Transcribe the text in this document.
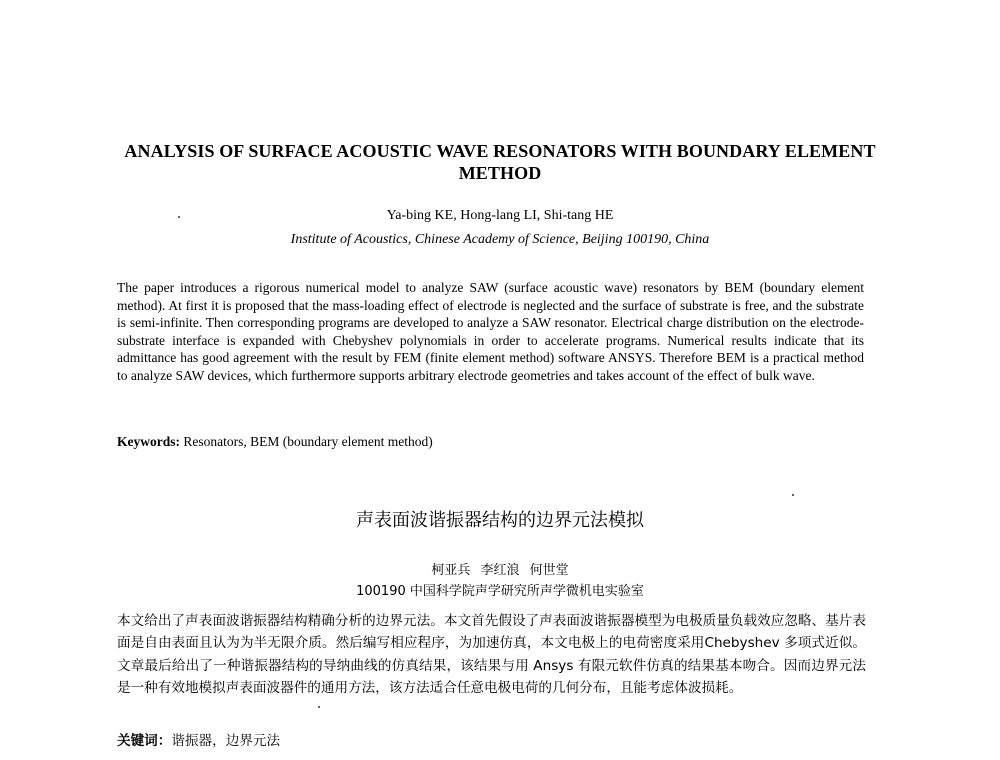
ANALYSIS OF SURFACE ACOUSTIC WAVE RESONATORS WITH BOUNDARY ELEMENT METHOD
Ya-bing KE, Hong-lang LI, Shi-tang HE
Institute of Acoustics, Chinese Academy of Science, Beijing 100190, China
The paper introduces a rigorous numerical model to analyze SAW (surface acoustic wave) resonators by BEM (boundary element method). At first it is proposed that the mass-loading effect of electrode is neglected and the surface of substrate is free, and the substrate is semi-infinite. Then corresponding programs are developed to analyze a SAW resonator. Electrical charge distribution on the electrode-substrate interface is expanded with Chebyshev polynomials in order to accelerate programs. Numerical results indicate that its admittance has good agreement with the result by FEM (finite element method) software ANSYS. Therefore BEM is a practical method to analyze SAW devices, which furthermore supports arbitrary electrode geometries and takes account of the effect of bulk wave.
Keywords: Resonators, BEM (boundary element method)
声表面波谐振器结构的边界元法模拟
柯亚兵 李红浪 何世堂
100190 中国科学院声学研究所声学微机电实验室
本文给出了声表面波谐振器结构精确分析的边界元法。本文首先假设了声表面波谐振器模型为电极质量负载效应忽略、基片表面是自由表面且认为为半无限介质。然后编写相应程序，为加速仿真，本文电极上的电荷密度采用Chebyshev 多项式近似。文章最后给出了一种谐振器结构的导纳曲线的仿真结果，该结果与用 Ansys 有限元软件仿真的结果基本吻合。因而边界元法是一种有效地模拟声表面波器件的通用方法，该方法适合任意电极电荷的几何分布，且能考虑体波损耗。
关键词：谐振器，边界元法
